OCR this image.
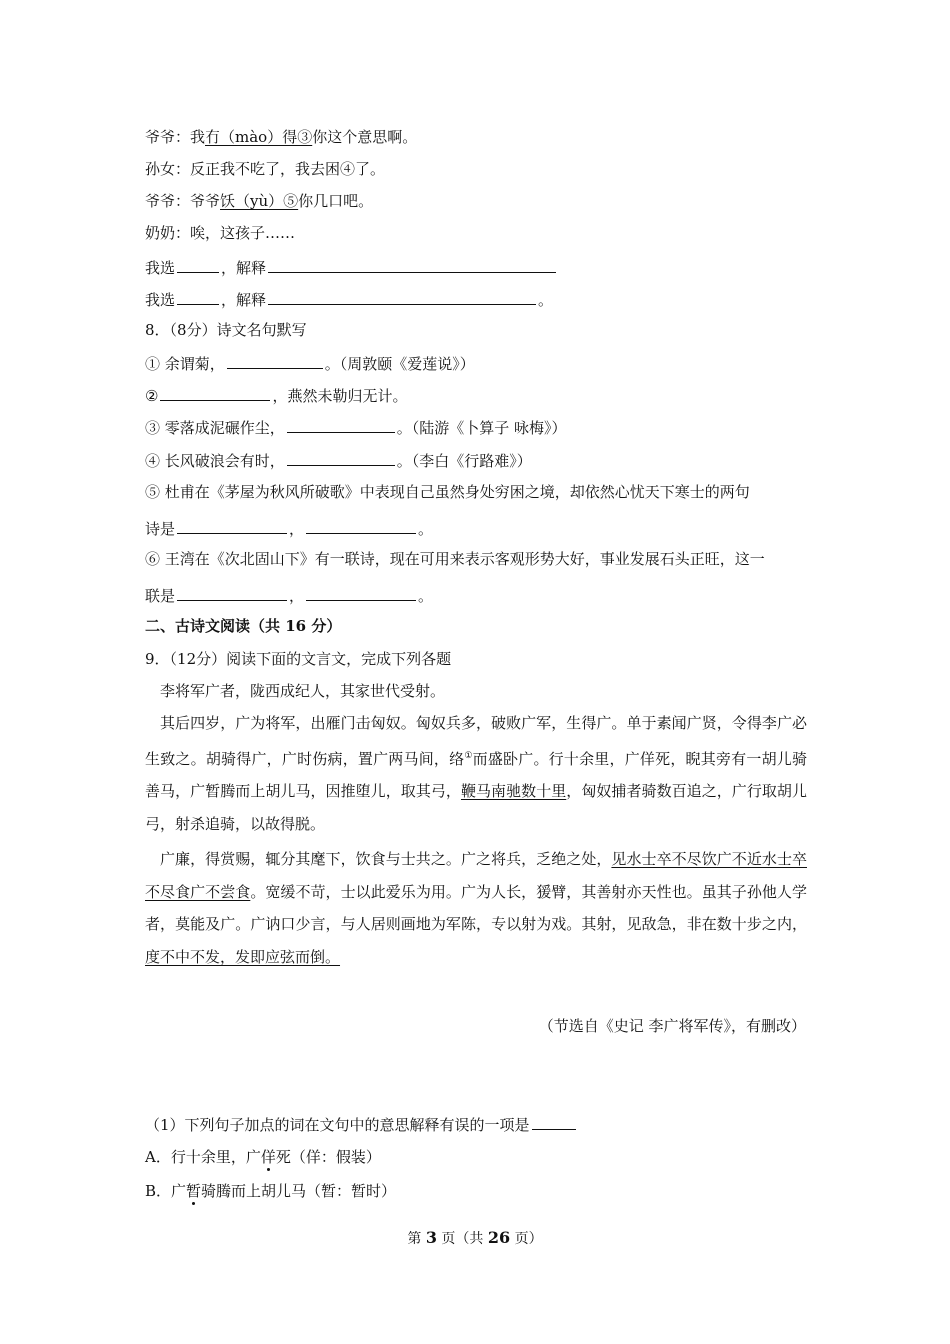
爷爷：我冇（mào）得③你这个意思啊。
孙女：反正我不吃了，我去困④了。
爷爷：爷爷饫（yù）⑤你几口吧。
奶奶：唉，这孩子……
我选	，解释
我选	，解释	。
8．（8分）诗文名句默写
① 余谓菊，	。（周敦颐《爱莲说》）
②	，燕然未勒归无计。
③ 零落成泥碾作尘，	。（陆游《卜算子 咏梅》）
④ 长风破浪会有时，	。（李白《行路难》）
⑤ 杜甫在《茅屋为秋风所破歌》中表现自己虽然身处穷困之境，却依然心忧天下寒士的两句
诗是	，	。
⑥ 王湾在《次北固山下》有一联诗，现在可用来表示客观形势大好，事业发展石头正旺，这一
联是	，	。
二、古诗文阅读（共 16 分）
9．（12分）阅读下面的文言文，完成下列各题
李将军广者，陇西成纪人，其家世代受射。
其后四岁，广为将军，出雁门击匈奴。匈奴兵多，破败广军，生得广。单于素闻广贤，令得李广必生致之。胡骑得广，广时伤病，置广两马间，络①而盛卧广。行十余里，广佯死，睨其旁有一胡儿骑善马，广暂腾而上胡儿马，因推堕儿，取其弓，鞭马南驰数十里，匈奴捕者骑数百追之，广行取胡儿弓，射杀追骑，以故得脱。
广廉，得赏赐，辄分其麾下，饮食与士共之。广之将兵，乏绝之处，见水士卒不尽饮广不近水士卒不尽食广不尝食。宽缓不苛，士以此爱乐为用。广为人长，猨臂，其善射亦天性也。虽其子孙他人学者，莫能及广。广讷口少言，与人居则画地为军陈，专以射为戏。其射，见敌急，非在数十步之内，度不中不发，发即应弦而倒。
（节选自《史记 李广将军传》，有删改）
（1）下列句子加点的词在文句中的意思解释有误的一项是
A．行十余里，广佯死（佯：假装）
B．广暂骑腾而上胡儿马（暂：暂时）
第 3 页（共 26 页）
